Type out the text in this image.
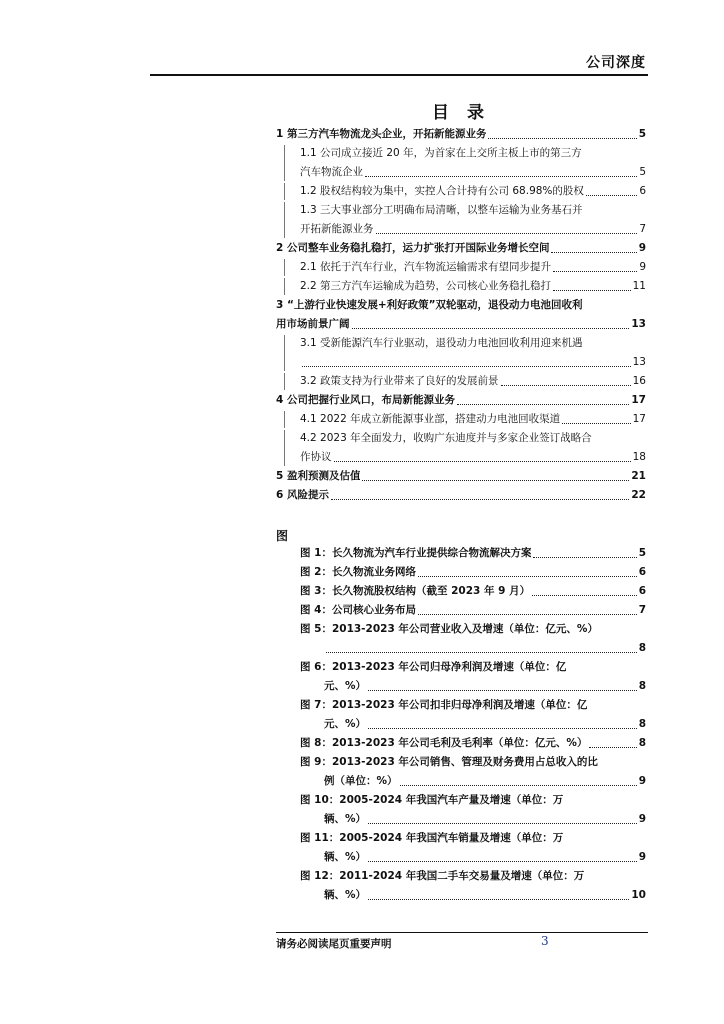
公司深度
目 录
1 第三方汽车物流龙头企业，开拓新能源业务	5
1.1 公司成立接近 20 年，为首家在上交所主板上市的第三方
汽车物流企业	5
1.2 股权结构较为集中，实控人合计持有公司 68.98%的股权	6
1.3 三大事业部分工明确布局清晰，以整车运输为业务基石并
开拓新能源业务	7
2 公司整车业务稳扎稳打，运力扩张打开国际业务增长空间	9
2.1 依托于汽车行业，汽车物流运输需求有望同步提升	9
2.2 第三方汽车运输成为趋势，公司核心业务稳扎稳打	11
3 “上游行业快速发展+利好政策”双轮驱动，退役动力电池回收利
用市场前景广阔	13
3.1 受新能源汽车行业驱动，退役动力电池回收利用迎来机遇
13
3.2 政策支持为行业带来了良好的发展前景	16
4 公司把握行业风口，布局新能源业务	17
4.1 2022 年成立新能源事业部，搭建动力电池回收渠道	17
4.2 2023 年全面发力，收购广东迪度并与多家企业签订战略合
作协议	18
5 盈利预测及估值	21
6 风险提示	22
图
图 1：长久物流为汽车行业提供综合物流解决方案	5
图 2：长久物流业务网络	6
图 3：长久物流股权结构（截至 2023 年 9 月）	6
图 4：公司核心业务布局	7
图 5：2013-2023 年公司营业收入及增速（单位：亿元、%）
8
图 6：2013-2023 年公司归母净利润及增速（单位：亿
元、%）	8
图 7：2013-2023 年公司扣非归母净利润及增速（单位：亿
元、%）	8
图 8：2013-2023 年公司毛利及毛利率（单位：亿元、%）	8
图 9：2013-2023 年公司销售、管理及财务费用占总收入的比
例（单位：%）	9
图 10：2005-2024 年我国汽车产量及增速（单位：万
辆、%）	9
图 11：2005-2024 年我国汽车销量及增速（单位：万
辆、%）	9
图 12：2011-2024 年我国二手车交易量及增速（单位：万
辆、%）	10
请务必阅读尾页重要声明	3
